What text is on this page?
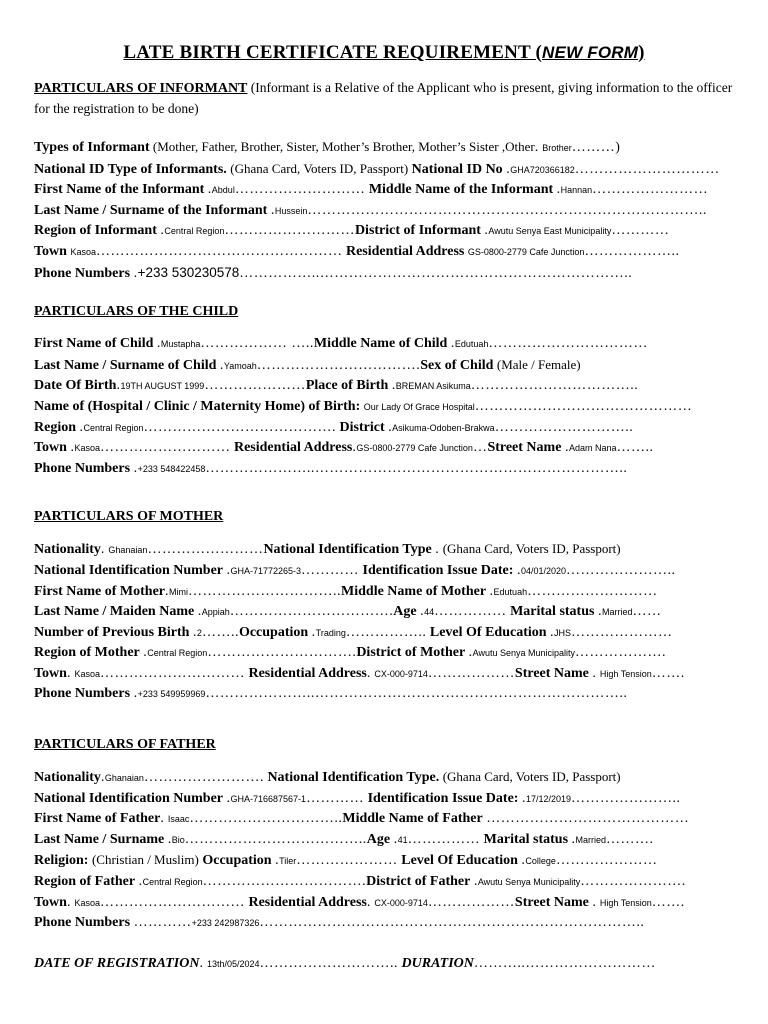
LATE BIRTH CERTIFICATE REQUIREMENT (NEW FORM)
PARTICULARS OF INFORMANT (Informant is a Relative of the Applicant who is present, giving information to the officer for the registration to be done)
Types of Informant (Mother, Father, Brother, Sister, Mother’s Brother, Mother’s Sister ,Other. Brother………)
National ID Type of Informants. (Ghana Card, Voters ID, Passport) National ID No .GHA720366182…………………………
First Name of the Informant .Abdul……………………… Middle Name of the Informant .Hannan……………………
Last Name / Surname of the Informant .Hussein………………………………………………………………………..
Region of Informant .Central Region………………………District of Informant .Awutu Senya East Municipality…………
Town Kasoa…………………………………………… Residential Address GS-0800-2779 Cafe Junction………………..
Phone Numbers .+233 530230578……………..………………………………………………………..
PARTICULARS OF THE CHILD
First Name of Child .Mustapha……………… …..Middle Name of Child .Edutuah……………………………
Last Name / Surname of Child .Yamoah…………………………….Sex of Child (Male / Female)
Date Of Birth.19TH AUGUST 1999…………………Place of Birth .BREMAN Asikuma……………………………..
Name of (Hospital / Clinic / Maternity Home) of Birth: Our Lady Of Grace Hospital………………………………………
Region .Central Region…………………………………. District .Asikuma-Odoben-Brakwa………………………..
Town .Kasoa……………………… Residential Address.GS-0800-2779 Cafe Junction…Street Name .Adam Nana……..
Phone Numbers .+233 548422458…………………..………………………………………………………..
PARTICULARS OF MOTHER
Nationality. Ghanaian……………………National Identification Type . (Ghana Card, Voters ID, Passport)
National Identification Number .GHA-71772265-3………… Identification Issue Date: .04/01/2020…………………..
First Name of Mother.Mimi…………………………..Middle Name of Mother .Edutuah………………………
Last Name / Maiden Name .Appiah…………………………….Age .44…………… Marital status .Married……
Number of Previous Birth .2……..Occupation .Trading…………….. Level Of Education .JHS…………………
Region of Mother .Central Region………………………….District of Mother .Awutu Senya Municipality……………….
Town. Kasoa………………………… Residential Address. CX-000-9714………………Street Name . High Tension…….
Phone Numbers .+233 549959969…………………..………………………………………………………..
PARTICULARS OF FATHER
Nationality.Ghanaian……………………. National Identification Type. (Ghana Card, Voters ID, Passport)
National Identification Number .GHA-716687567-1………… Identification Issue Date: .17/12/2019…………………..
First Name of Father. Isaac…………………………..Middle Name of Father ……………………………………
Last Name / Surname .Bio………………………………..Age .41…………… Marital status .Married……….
Religion: (Christian / Muslim) Occupation .Tiler………………… Level Of Education .College…………………
Region of Father .Central Region…………………………….District of Father .Awutu Senya Municipality………………….
Town. Kasoa………………………… Residential Address. CX-000-9714………………Street Name . High Tension…….
Phone Numbers …………+233 242987326……………………………………………………………………..
DATE OF REGISTRATION. 13th/05/2024……………………….. DURATION………..………………………
